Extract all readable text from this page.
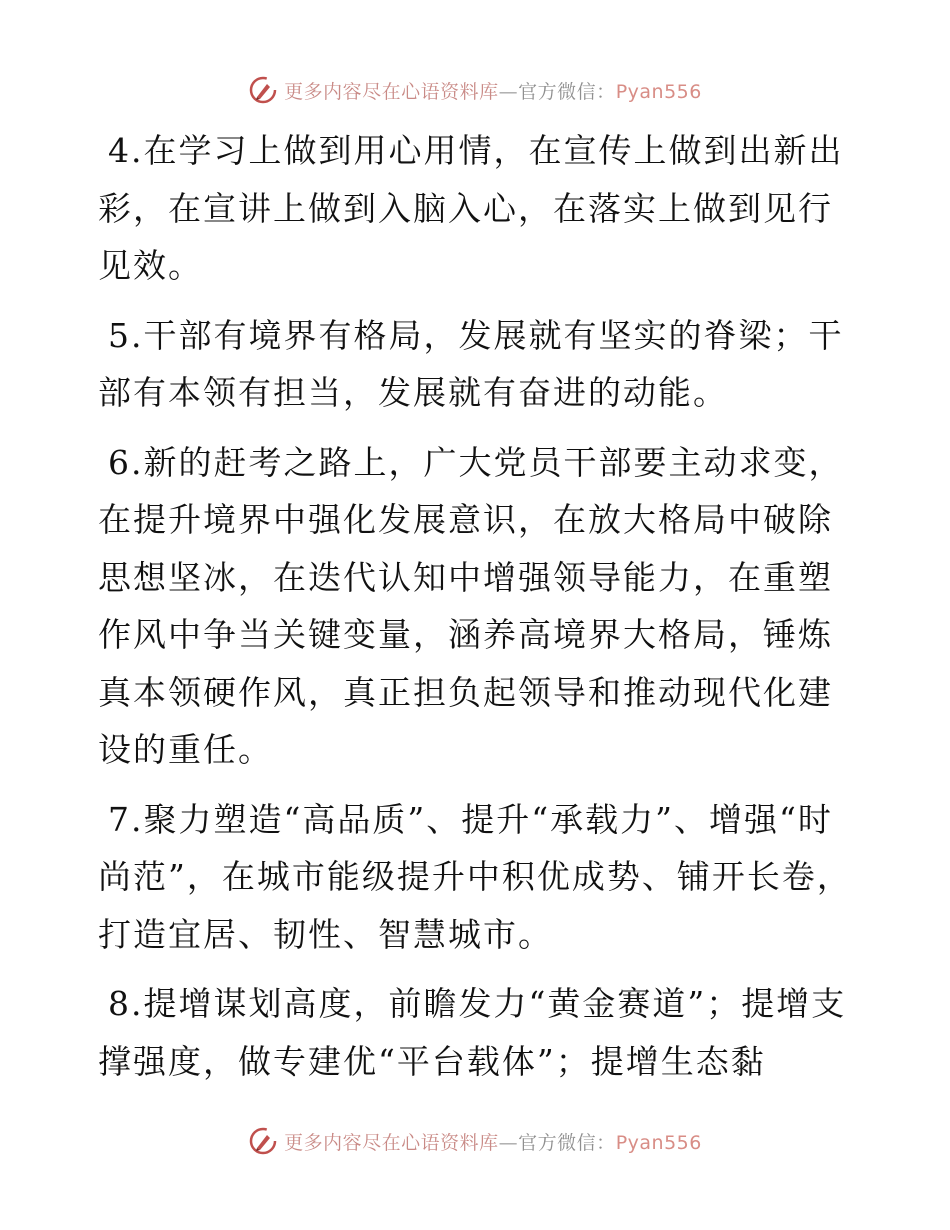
更多内容尽在心语资料库—官方微信：Pyan556

4.在学习上做到用心用情，在宣传上做到出新出彩，在宣讲上做到入脑入心，在落实上做到见行见效。

5.干部有境界有格局，发展就有坚实的脊梁；干部有本领有担当，发展就有奋进的动能。

6.新的赶考之路上，广大党员干部要主动求变，在提升境界中强化发展意识，在放大格局中破除思想坚冰，在迭代认知中增强领导能力，在重塑作风中争当关键变量，涵养高境界大格局，锤炼真本领硬作风，真正担负起领导和推动现代化建设的重任。

7.聚力塑造“高品质”、提升“承载力”、增强“时尚范”，在城市能级提升中积优成势、铺开长卷，打造宜居、韧性、智慧城市。

8.提增谋划高度，前瞻发力“黄金赛道”；提增支撑强度，做专建优“平台载体”；提增生态黏

更多内容尽在心语资料库—官方微信：Pyan556
